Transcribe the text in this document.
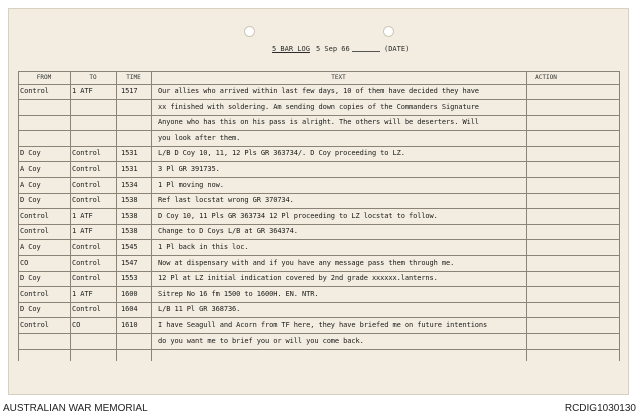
5 BAR LOG 5 Sep 66	(DATE)
FROM	TO	TIME	TEXT	ACTION
Control	1 ATF	1517	Our allies who arrived within last few days, 10 of them have decided they have
xx finished with soldering. Am sending down copies of the Commanders Signature
Anyone who has this on his pass is alright. The others will be deserters. Will
you look after them.
D Coy	Control	1531	L/B D Coy 10, 11, 12 Pls GR 363734/. D Coy proceeding to LZ.
A Coy	Control	1531	3 Pl GR 391735.
A Coy	Control	1534	1 Pl moving now.
D Coy	Control	1538	Ref last locstat wrong GR 370734.
Control	1 ATF	1538	D Coy 10, 11 Pls GR 363734 12 Pl proceeding to LZ locstat to follow.
Control	1 ATF	1538	Change to D Coys L/B at GR 364374.
A Coy	Control	1545	1 Pl back in this loc.
CO	Control	1547	Now at dispensary with and if you have any message pass them through me.
D Coy	Control	1553	12 Pl at LZ initial indication covered by 2nd grade xxxxxx.lanterns.
Control	1 ATF	1600	Sitrep No 16 fm 1500 to 1600H. EN. NTR.
D Coy	Control	1604	L/B 11 Pl GR 368736.
Control	CO	1610	I have Seagull and Acorn from TF here, they have briefed me on future intentions
do you want me to brief you or will you come back.
AUSTRALIAN WAR MEMORIAL	RCDIG1030130
